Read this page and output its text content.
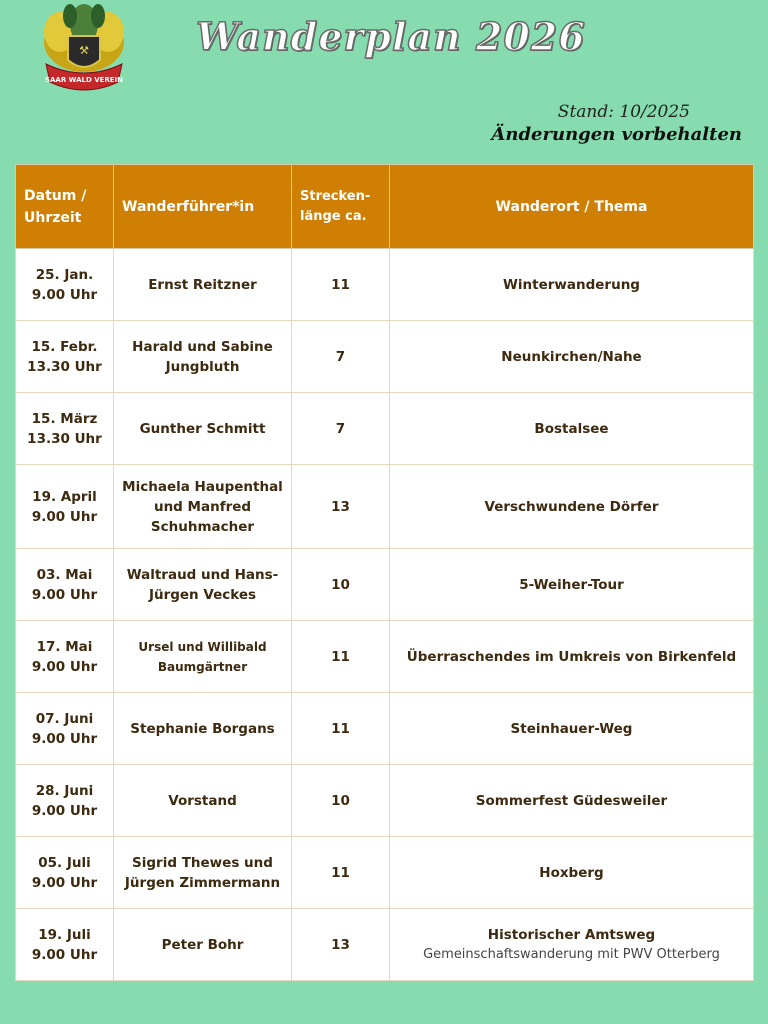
⚒
SAAR WALD VEREIN
Wanderplan 2026
Stand: 10/2025
Änderungen vorbehalten
Datum / Uhrzeit	Wanderführer*in	Strecken- länge ca.	Wanderort / Thema
25. Jan.
9.00 Uhr	Ernst Reitzner	11	Winterwanderung
15. Febr.
13.30 Uhr	Harald und Sabine
Jungbluth	7	Neunkirchen/Nahe
15. März
13.30 Uhr	Gunther Schmitt	7	Bostalsee
19. April
9.00 Uhr	Michaela Haupenthal
und Manfred
Schuhmacher	13	Verschwundene Dörfer
03. Mai
9.00 Uhr	Waltraud und Hans-
Jürgen Veckes	10	5-Weiher-Tour
17. Mai
9.00 Uhr	Ursel und Willibald
Baumgärtner	11	Überraschendes im Umkreis von Birkenfeld
07. Juni
9.00 Uhr	Stephanie Borgans	11	Steinhauer-Weg
28. Juni
9.00 Uhr	Vorstand	10	Sommerfest Güdesweiler
05. Juli
9.00 Uhr	Sigrid Thewes und
Jürgen Zimmermann	11	Hoxberg
19. Juli
9.00 Uhr	Peter Bohr	13	Historischer Amtsweg
Gemeinschaftswanderung mit PWV Otterberg
